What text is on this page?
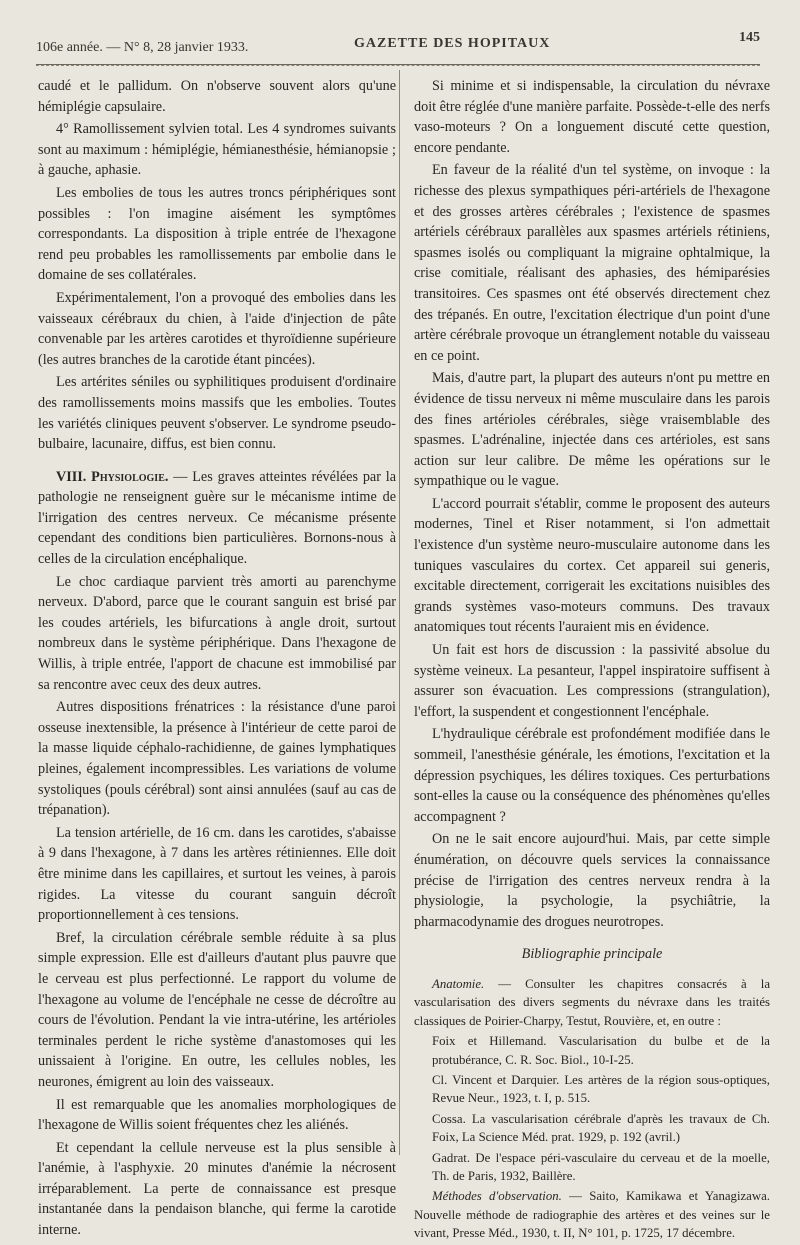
106e année. — N° 8, 28 janvier 1933.	GAZETTE DES HOPITAUX	145

caudé et le pallidum. On n'observe souvent alors qu'une hémiplégie capsulaire.

4° Ramollissement sylvien total. Les 4 syndromes suivants sont au maximum : hémiplégie, hémianesthésie, hémianopsie ; à gauche, aphasie.

Les embolies de tous les autres troncs périphériques sont possibles : l'on imagine aisément les symptômes correspondants. La disposition à triple entrée de l'hexagone rend peu probables les ramollissements par embolie dans le domaine de ses collatérales.

Expérimentalement, l'on a provoqué des embolies dans les vaisseaux cérébraux du chien, à l'aide d'injection de pâte convenable par les artères carotides et thyroïdienne supérieure (les autres branches de la carotide étant pincées).

Les artérites séniles ou syphilitiques produisent d'ordinaire des ramollissements moins massifs que les embolies. Toutes les variétés cliniques peuvent s'observer. Le syndrome pseudo-bulbaire, lacunaire, diffus, est bien connu.

VIII. Physiologie. — Les graves atteintes révélées par la pathologie ne renseignent guère sur le mécanisme intime de l'irrigation des centres nerveux. Ce mécanisme présente cependant des conditions bien particulières. Bornons-nous à celles de la circulation encéphalique.

Le choc cardiaque parvient très amorti au parenchyme nerveux. D'abord, parce que le courant sanguin est brisé par les coudes artériels, les bifurcations à angle droit, surtout nombreux dans le système périphérique. Dans l'hexagone de Willis, à triple entrée, l'apport de chacune est immobilisé par sa rencontre avec ceux des deux autres.

Autres dispositions frénatrices : la résistance d'une paroi osseuse inextensible, la présence à l'intérieur de cette paroi de la masse liquide céphalo-rachidienne, de gaines lymphatiques pleines, également incompressibles. Les variations de volume systoliques (pouls cérébral) sont ainsi annulées (sauf au cas de trépanation).

La tension artérielle, de 16 cm. dans les carotides, s'abaisse à 9 dans l'hexagone, à 7 dans les artères rétiniennes. Elle doit être minime dans les capillaires, et surtout les veines, à parois rigides. La vitesse du courant sanguin décroît proportionnellement à ces tensions.

Bref, la circulation cérébrale semble réduite à sa plus simple expression. Elle est d'ailleurs d'autant plus pauvre que le cerveau est plus perfectionné. Le rapport du volume de l'hexagone au volume de l'encéphale ne cesse de décroître au cours de l'évolution. Pendant la vie intra-utérine, les artérioles terminales perdent le riche système d'anastomoses qui les unissaient à l'origine. En outre, les cellules nobles, les neurones, émigrent au loin des vaisseaux.

Il est remarquable que les anomalies morphologiques de l'hexagone de Willis soient fréquentes chez les aliénés.

Et cependant la cellule nerveuse est la plus sensible à l'anémie, à l'asphyxie. 20 minutes d'anémie la nécrosent irréparablement. La perte de connaissance est presque instantanée dans la pendaison blanche, qui ferme la carotide interne.

Si minime et si indispensable, la circulation du névraxe doit être réglée d'une manière parfaite. Possède-t-elle des nerfs vaso-moteurs ? On a longuement discuté cette question, encore pendante.

En faveur de la réalité d'un tel système, on invoque : la richesse des plexus sympathiques péri-artériels de l'hexagone et des grosses artères cérébrales ; l'existence de spasmes artériels cérébraux parallèles aux spasmes artériels rétiniens, spasmes isolés ou compliquant la migraine ophtalmique, la crise comitiale, réalisant des aphasies, des hémiparésies transitoires. Ces spasmes ont été observés directement chez des trépanés. En outre, l'excitation électrique d'un point d'une artère cérébrale provoque un étranglement notable du vaisseau en ce point.

Mais, d'autre part, la plupart des auteurs n'ont pu mettre en évidence de tissu nerveux ni même musculaire dans les parois des fines artérioles cérébrales, siège vraisemblable des spasmes. L'adrénaline, injectée dans ces artérioles, est sans action sur leur calibre. De même les opérations sur le sympathique ou le vague.

L'accord pourrait s'établir, comme le proposent des auteurs modernes, Tinel et Riser notamment, si l'on admettait l'existence d'un système neuro-musculaire autonome dans les tuniques vasculaires du cortex. Cet appareil sui generis, excitable directement, corrigerait les excitations nuisibles des grands systèmes vaso-moteurs communs. Des travaux anatomiques tout récents l'auraient mis en évidence.

Un fait est hors de discussion : la passivité absolue du système veineux. La pesanteur, l'appel inspiratoire suffisent à assurer son évacuation. Les compressions (strangulation), l'effort, la suspendent et congestionnent l'encéphale.

L'hydraulique cérébrale est profondément modifiée dans le sommeil, l'anesthésie générale, les émotions, l'excitation et la dépression psychiques, les délires toxiques. Ces perturbations sont-elles la cause ou la conséquence des phénomènes qu'elles accompagnent ?

On ne le sait encore aujourd'hui. Mais, par cette simple énumération, on découvre quels services la connaissance précise de l'irrigation des centres nerveux rendra à la physiologie, la psychologie, la psychiâtrie, la pharmacodynamie des drogues neurotropes.

Bibliographie principale

Anatomie. — Consulter les chapitres consacrés à la vascularisation des divers segments du névraxe dans les traités classiques de Poirier-Charpy, Testut, Rouvière, et, en outre :

Foix et Hillemand. Vascularisation du bulbe et de la protubérance, C. R. Soc. Biol., 10-I-25.

Cl. Vincent et Darquier. Les artères de la région sous-optiques, Revue Neur., 1923, t. I, p. 515.

Cossa. La vascularisation cérébrale d'après les travaux de Ch. Foix, La Science Méd. prat. 1929, p. 192 (avril.)

Gadrat. De l'espace péri-vasculaire du cerveau et de la moelle, Th. de Paris, 1932, Baillère.

Méthodes d'observation. — Saito, Kamikawa et Yanagizawa. Nouvelle méthode de radiographie des artères et des veines sur le vivant, Presse Méd., 1930, t. II, N° 101, p. 1725, 17 décembre.
